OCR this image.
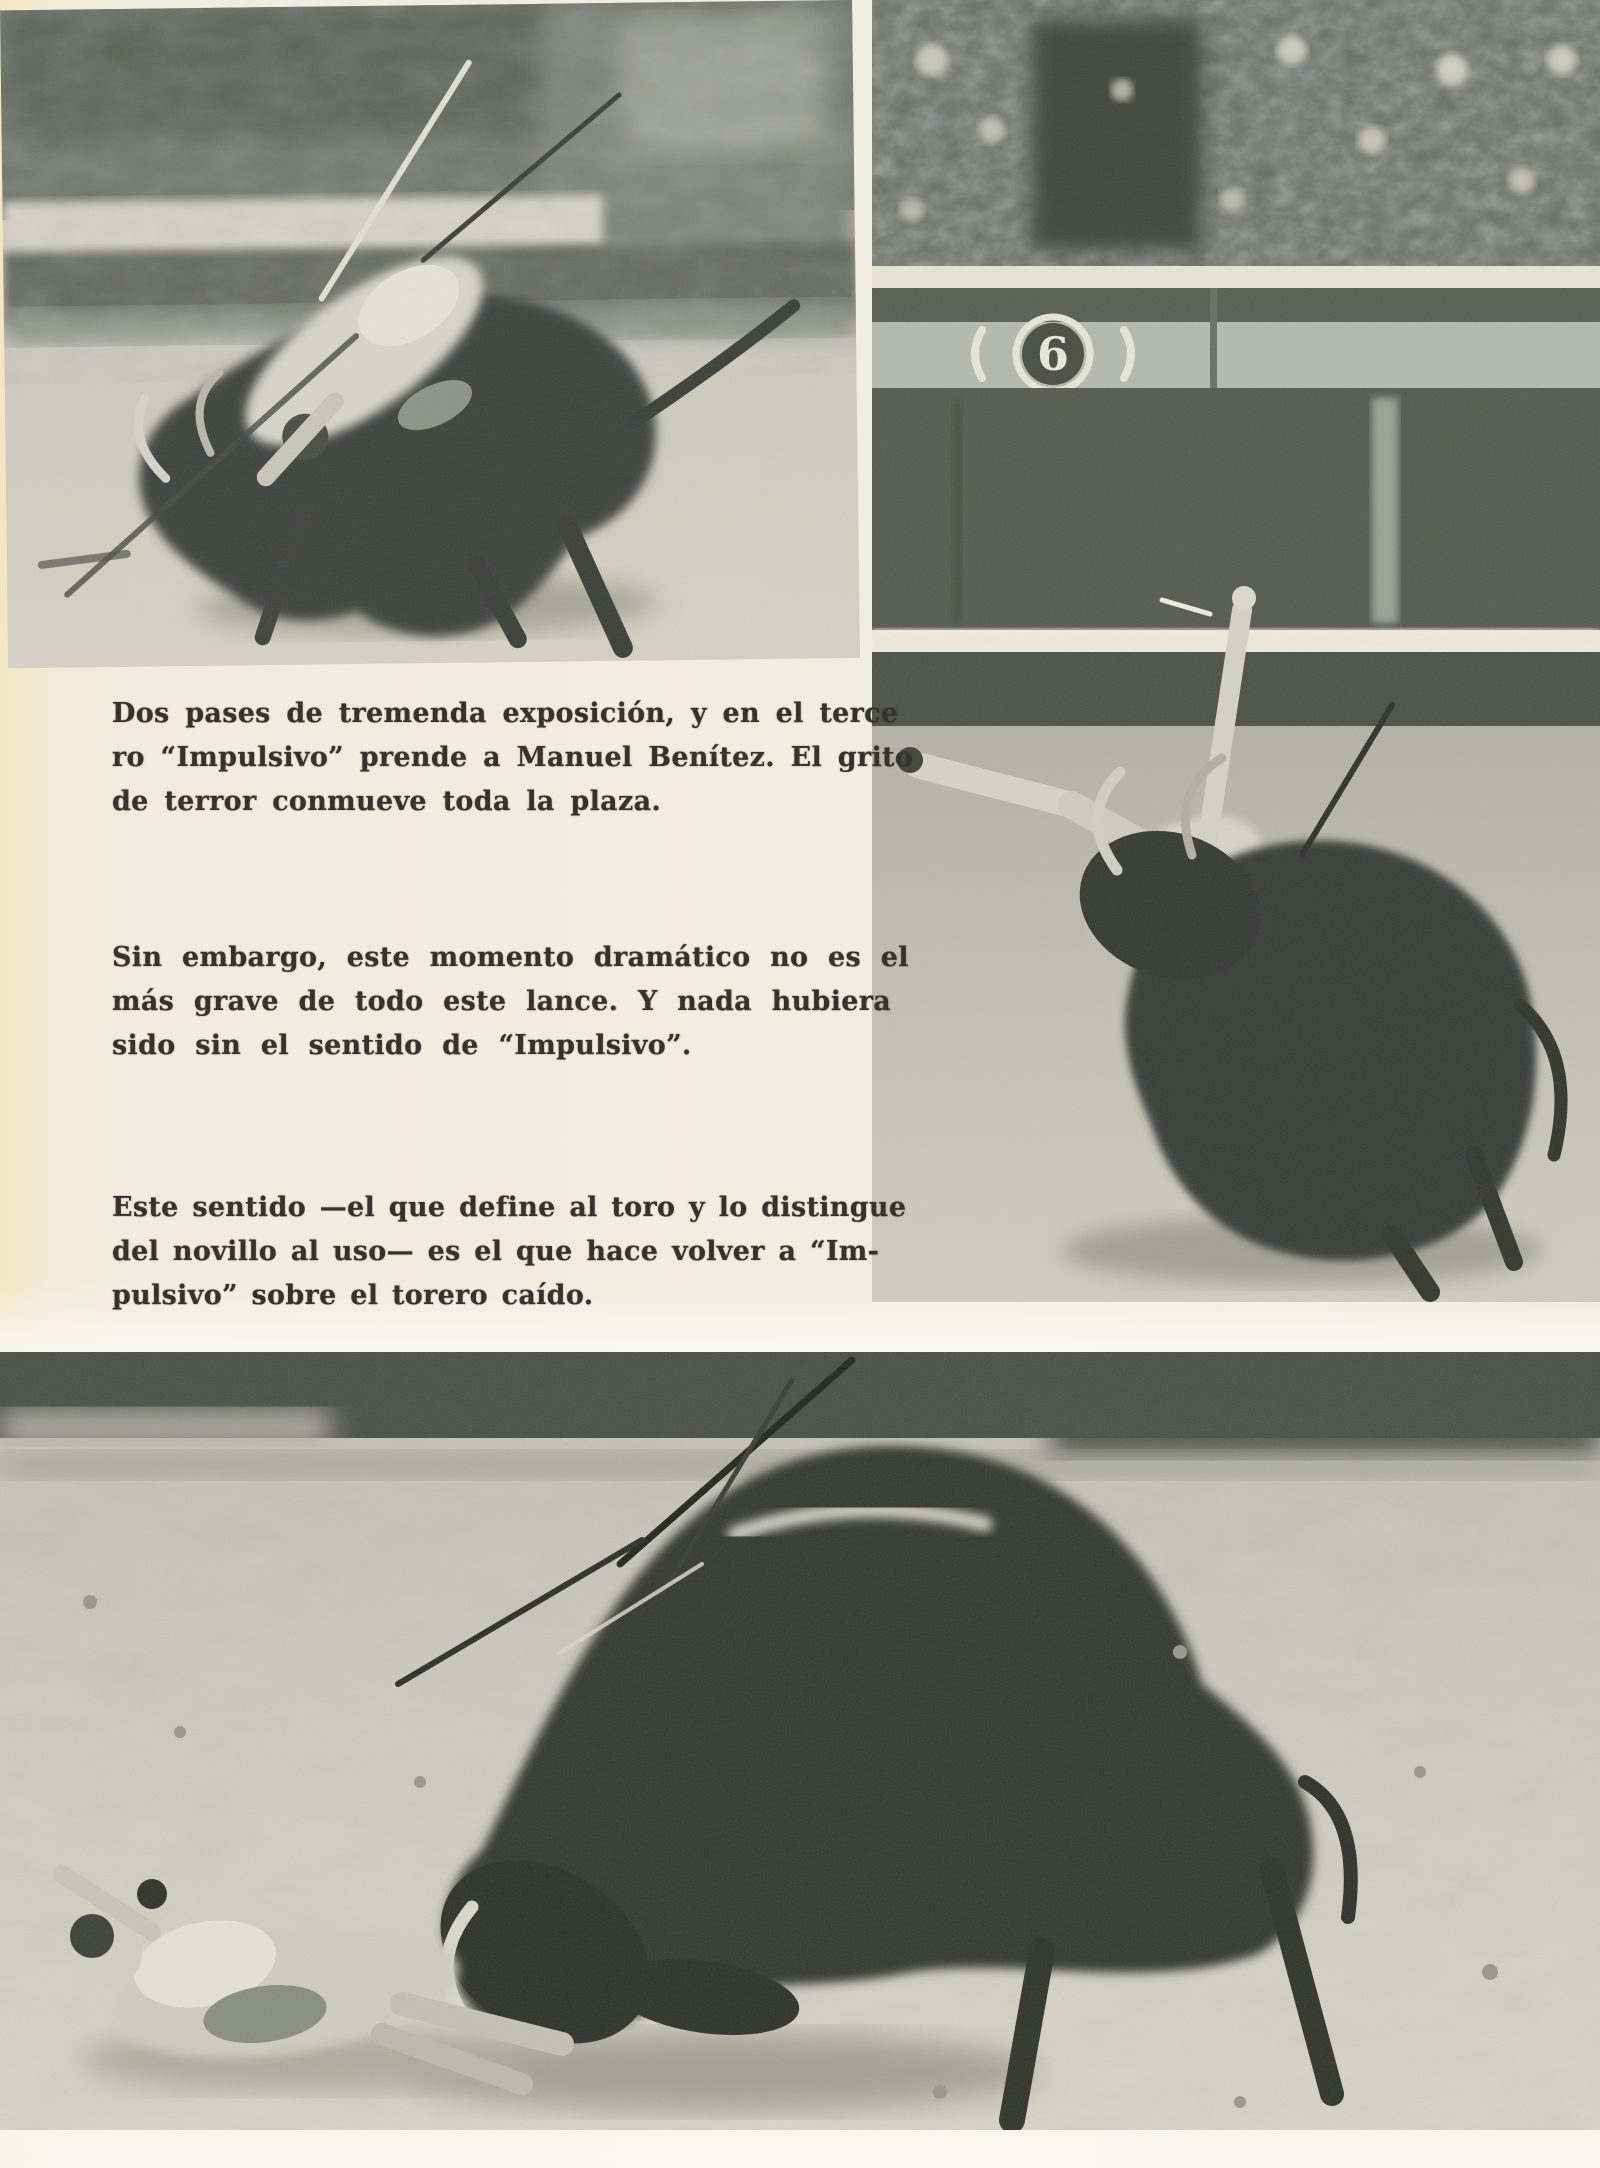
6

Dos pases de tremenda exposición, y en el terce
ro “Impulsivo” prende a Manuel Benítez. El grito
de terror conmueve toda la plaza.

Sin embargo, este momento dramático no es el
más grave de todo este lance. Y nada hubiera
sido sin el sentido de “Impulsivo”.

Este sentido —el que define al toro y lo distingue
del novillo al uso— es el que hace volver a “Im-
pulsivo” sobre el torero caído.
